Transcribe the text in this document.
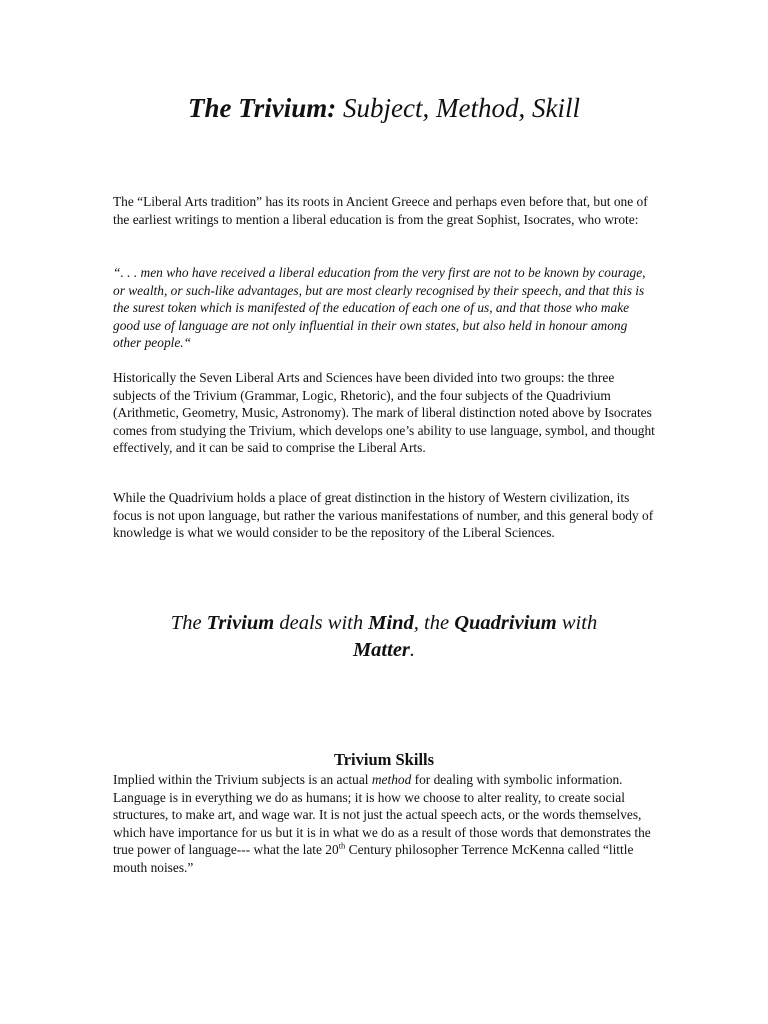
The Trivium: Subject, Method, Skill

The “Liberal Arts tradition” has its roots in Ancient Greece and perhaps even before that, but one of the earliest writings to mention a liberal education is from the great Sophist, Isocrates, who wrote:

“. . . men who have received a liberal education from the very first are not to be known by courage, or wealth, or such-like advantages, but are most clearly recognised by their speech, and that this is the surest token which is manifested of the education of each one of us, and that those who make good use of language are not only influential in their own states, but also held in honour among other people.“

Historically the Seven Liberal Arts and Sciences have been divided into two groups: the three subjects of the Trivium (Grammar, Logic, Rhetoric), and the four subjects of the Quadrivium (Arithmetic, Geometry, Music, Astronomy). The mark of liberal distinction noted above by Isocrates comes from studying the Trivium, which develops one’s ability to use language, symbol, and thought effectively, and it can be said to comprise the Liberal Arts.

While the Quadrivium holds a place of great distinction in the history of Western civilization, its focus is not upon language, but rather the various manifestations of number, and this general body of knowledge is what we would consider to be the repository of the Liberal Sciences.

The Trivium deals with Mind, the Quadrivium with
Matter.

Trivium Skills

Implied within the Trivium subjects is an actual method for dealing with symbolic information. Language is in everything we do as humans; it is how we choose to alter reality, to create social structures, to make art, and wage war. It is not just the actual speech acts, or the words themselves, which have importance for us but it is in what we do as a result of those words that demonstrates the true power of language--- what the late 20th Century philosopher Terrence McKenna called “little mouth noises.”
